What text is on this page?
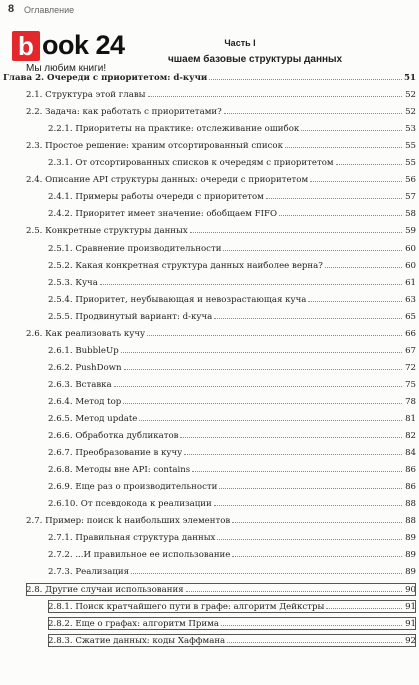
8 Оглавление
b ook 24
Мы любим книги!
Часть I
чшаем базовые структуры данных
Глава 2. Очереди с приоритетом: d-кучи	51
2.1. Структура этой главы	52
2.2. Задача: как работать с приоритетами?	52
2.2.1. Приоритеты на практике: отслеживание ошибок	53
2.3. Простое решение: храним отсортированный список	55
2.3.1. От отсортированных списков к очередям с приоритетом	55
2.4. Описание API структуры данных: очереди с приоритетом	56
2.4.1. Примеры работы очереди с приоритетом	57
2.4.2. Приоритет имеет значение: обобщаем FIFO	58
2.5. Конкретные структуры данных	59
2.5.1. Сравнение производительности	60
2.5.2. Какая конкретная структура данных наиболее верна?	60
2.5.3. Куча	61
2.5.4. Приоритет, неубывающая и невозрастающая куча	63
2.5.5. Продвинутый вариант: d-куча	65
2.6. Как реализовать кучу	66
2.6.1. BubbleUp	67
2.6.2. PushDown	72
2.6.3. Вставка	75
2.6.4. Метод top	78
2.6.5. Метод update	81
2.6.6. Обработка дубликатов	82
2.6.7. Преобразование в кучу	84
2.6.8. Методы вне API: contains	86
2.6.9. Еще раз о производительности	86
2.6.10. От псевдокода к реализации	88
2.7. Пример: поиск k наибольших элементов	88
2.7.1. Правильная структура данных	89
2.7.2. ...И правильное ее использование	89
2.7.3. Реализация	89
2.8. Другие случаи использования	90
2.8.1. Поиск кратчайшего пути в графе: алгоритм Дейкстры	91
2.8.2. Еще о графах: алгоритм Прима	91
2.8.3. Сжатие данных: коды Хаффмана	92
